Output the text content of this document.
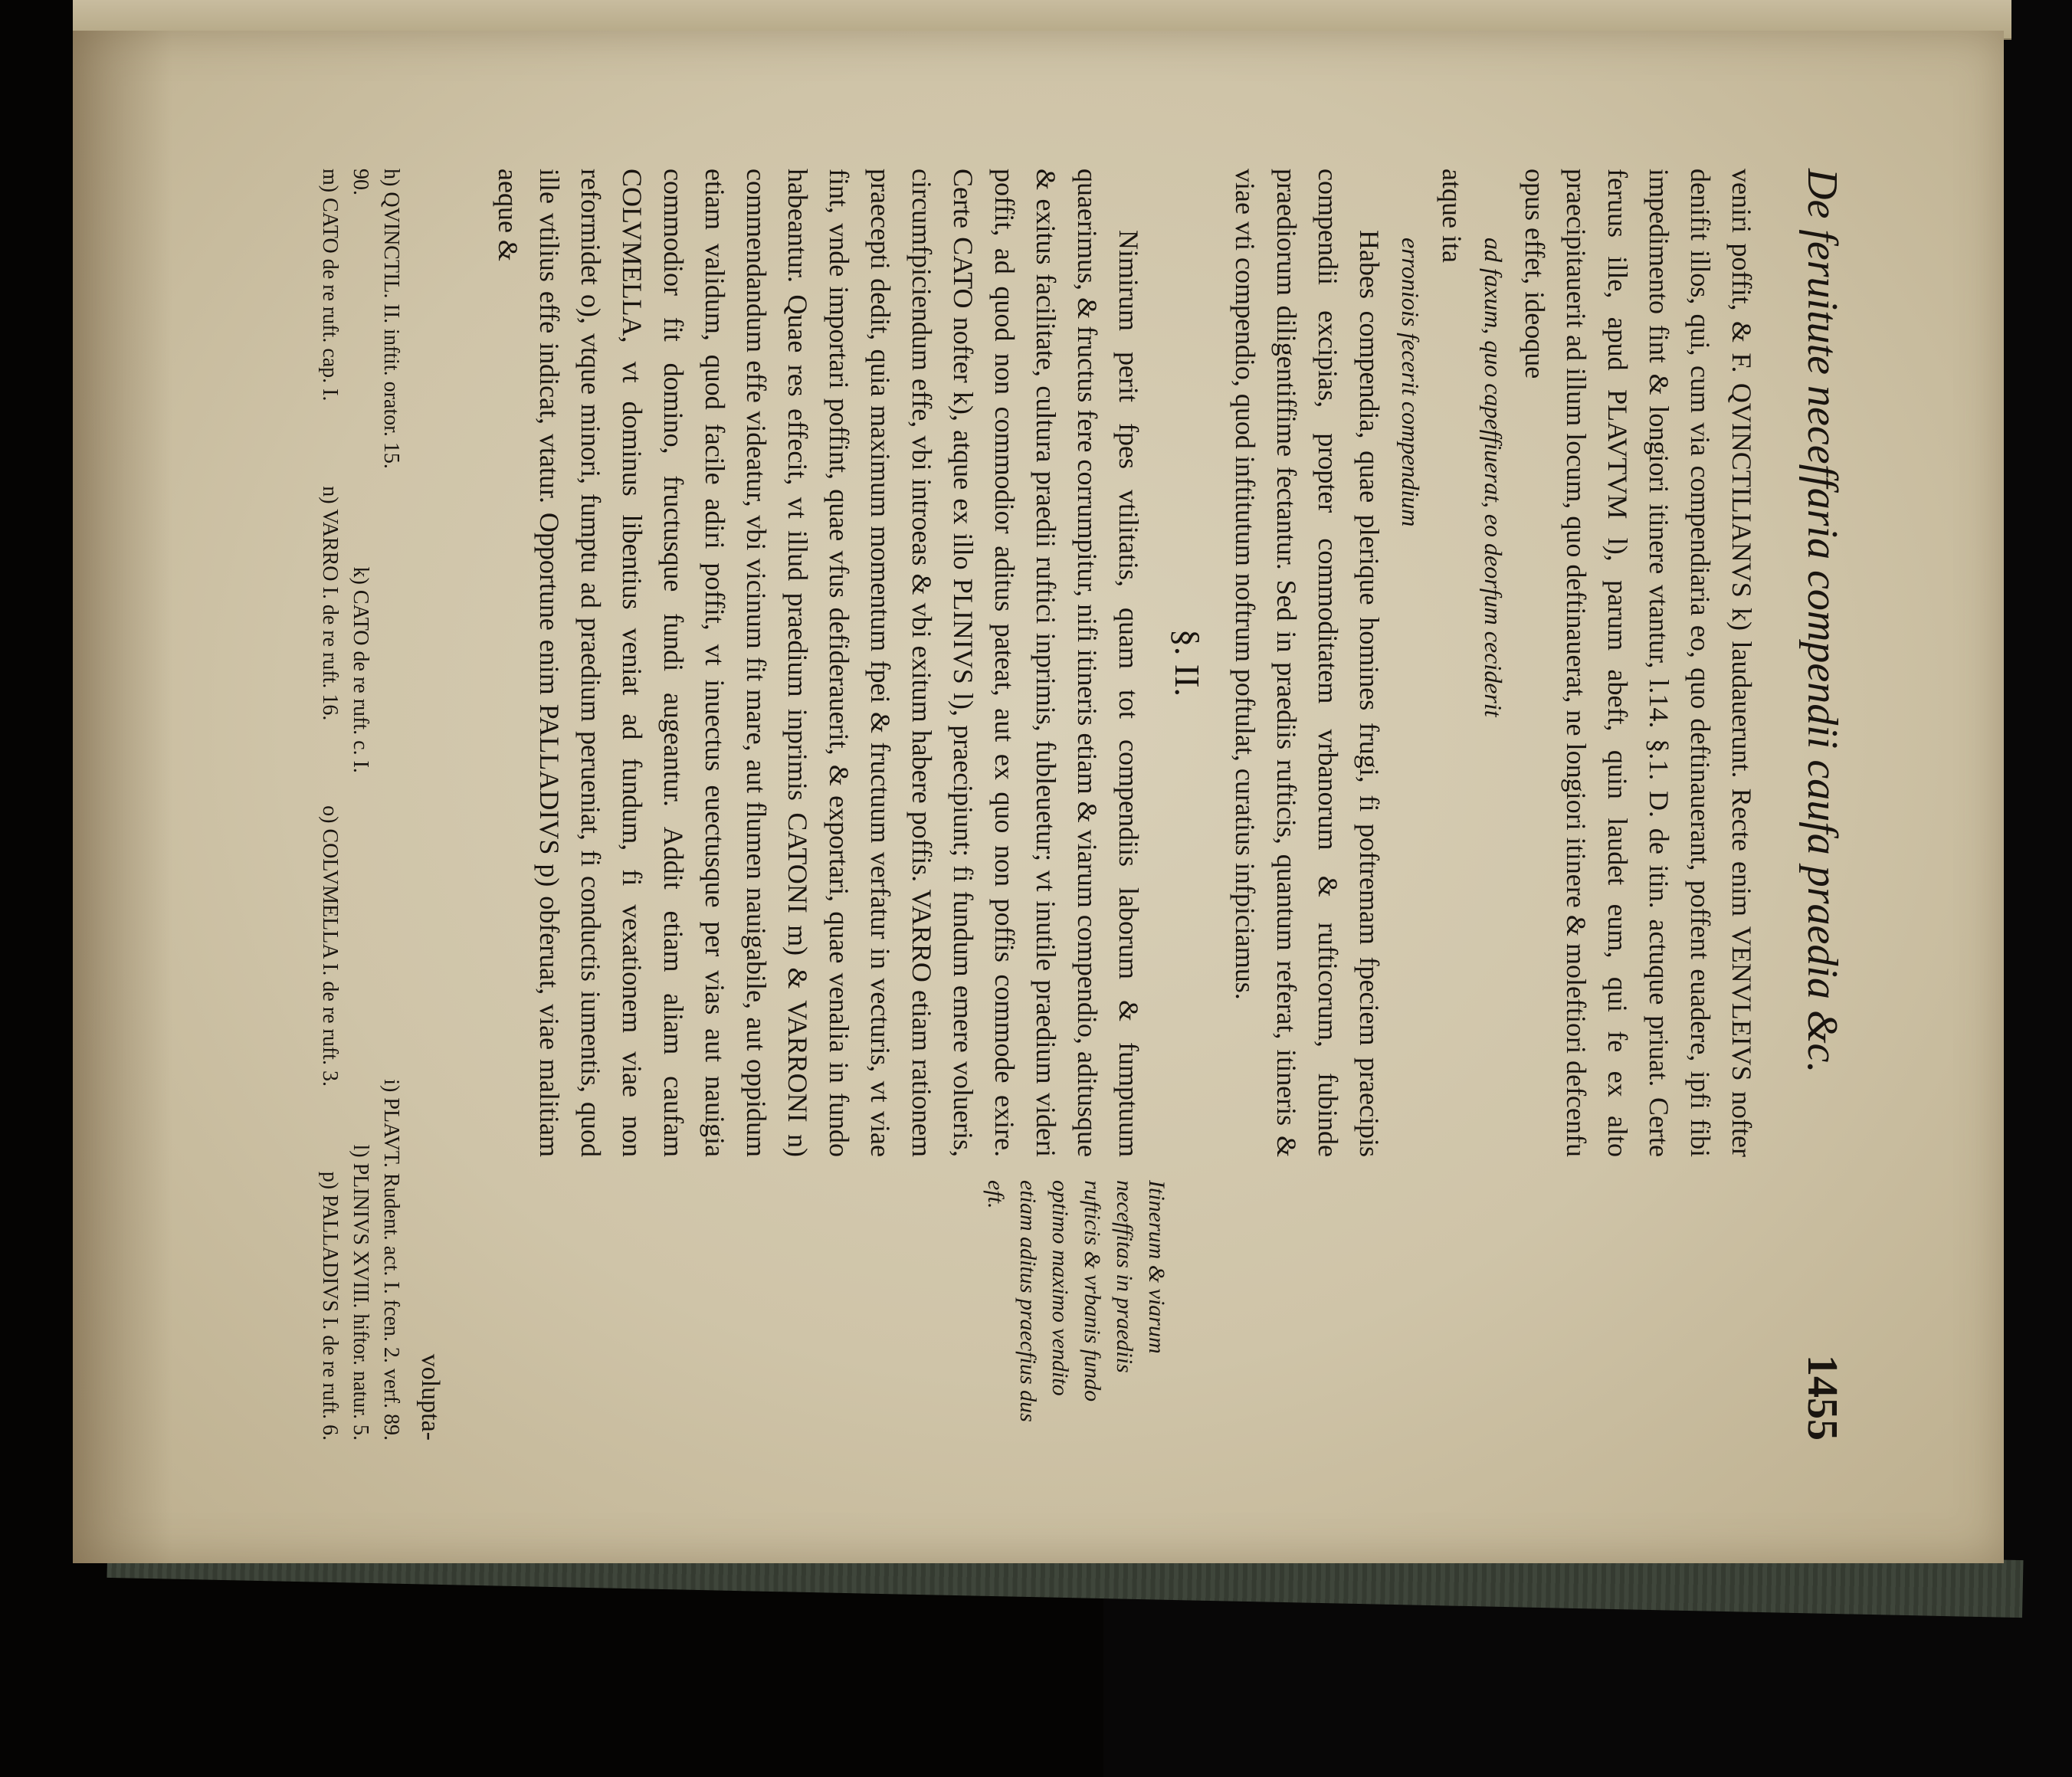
De feruitute neceffaria compendii caufa praedia &c.
1455

veniri poffit, & F. QVINCTILIANVS k) laudauerunt. Recte enim VENVLEIVS nofter denifit illos, qui, cum via compendiaria eo, quo deftinauerant, poffent euadere, ipfi fibi impedimento fint & longiori itinere vtantur, l.14. §.1. D. de itin. actuque priuat. Certe feruus ille, apud PLAVTVM l), parum abeft, quin laudet eum, qui fe ex alto praecipitauerit ad illum locum, quo deftinauerat, ne longiori itinere & moleftiori defcenfu opus effet, ideoque

ad faxum, quo capeffiuerat, eo deorfum ceciderit

atque ita

erroniois fecerit compendium

Habes compendia, quae plerique homines frugi, fi poftremam fpeciem praecipis compendii excipias, propter commoditatem vrbanorum & rufticorum, fubinde praediorum diligentiffime fectantur. Sed in praediis rufticis, quantum referat, itineris & viae vti compendio, quod inftitutum noftrum poftulat, curatius infpiciamus.

§. II.

Nimirum perit fpes vtilitatis, quam tot compendiis laborum & fumptuum quaerimus, & fructus fere corrumpitur, nifi itineris etiam & viarum compendio, aditusque & exitus facilitate, cultura praedii ruftici inprimis, fubleuetur; vt inutile praedium videri poffit, ad quod non commodior aditus pateat, aut ex quo non poffis commode exire. Certe CATO nofter k), atque ex illo PLINIVS l), praecipiunt; fi fundum emere volueris, circumfpiciendum effe, vbi introeas & vbi exitum habere poffis. VARRO etiam rationem praecepti dedit, quia maximum momentum fpei & fructuum verfatur in vecturis, vt viae fint, vnde importari poffint, quae vfus defiderauerit, & exportari, quae venalia in fundo habeantur. Quae res effecit, vt illud praedium inprimis CATONI m) & VARRONI n) commendandum effe videatur, vbi vicinum fit mare, aut flumen nauigabile, aut oppidum etiam validum, quod facile adiri poffit, vt inuectus euectusque per vias aut nauigia commodior fit domino, fructusque fundi augeantur. Addit etiam aliam caufam COLVMELLA, vt dominus libentius veniat ad fundum, fi vexationem viae non reformidet o), vtque minori, fumptu ad praedium perueniat, fi conductis iumentis, quod ille vtilius effe indicat, vtatur. Opportune enim PALLADIVS p) obferuat, viae malitiam aeque &

Itinerum & viarum neceffitas in praediis rufticis & vrbanis fundo optimo maximo vendito etiam aditus praecfius dus eft.
volupta-
h) QVINCTIL. II. inftit. orator. 15.
i) PLAVT. Rudent. act. I. fcen. 2. verf. 89.
90.
k) CATO de re ruft. c. I.
l) PLINIVS XVIII. hiftor. natur. 5.
m) CATO de re ruft. cap. I.
n) VARRO I. de re ruft. 16.
o) COLVMELLA I. de re ruft. 3.
p) PALLADIVS I. de re ruft. 6.
